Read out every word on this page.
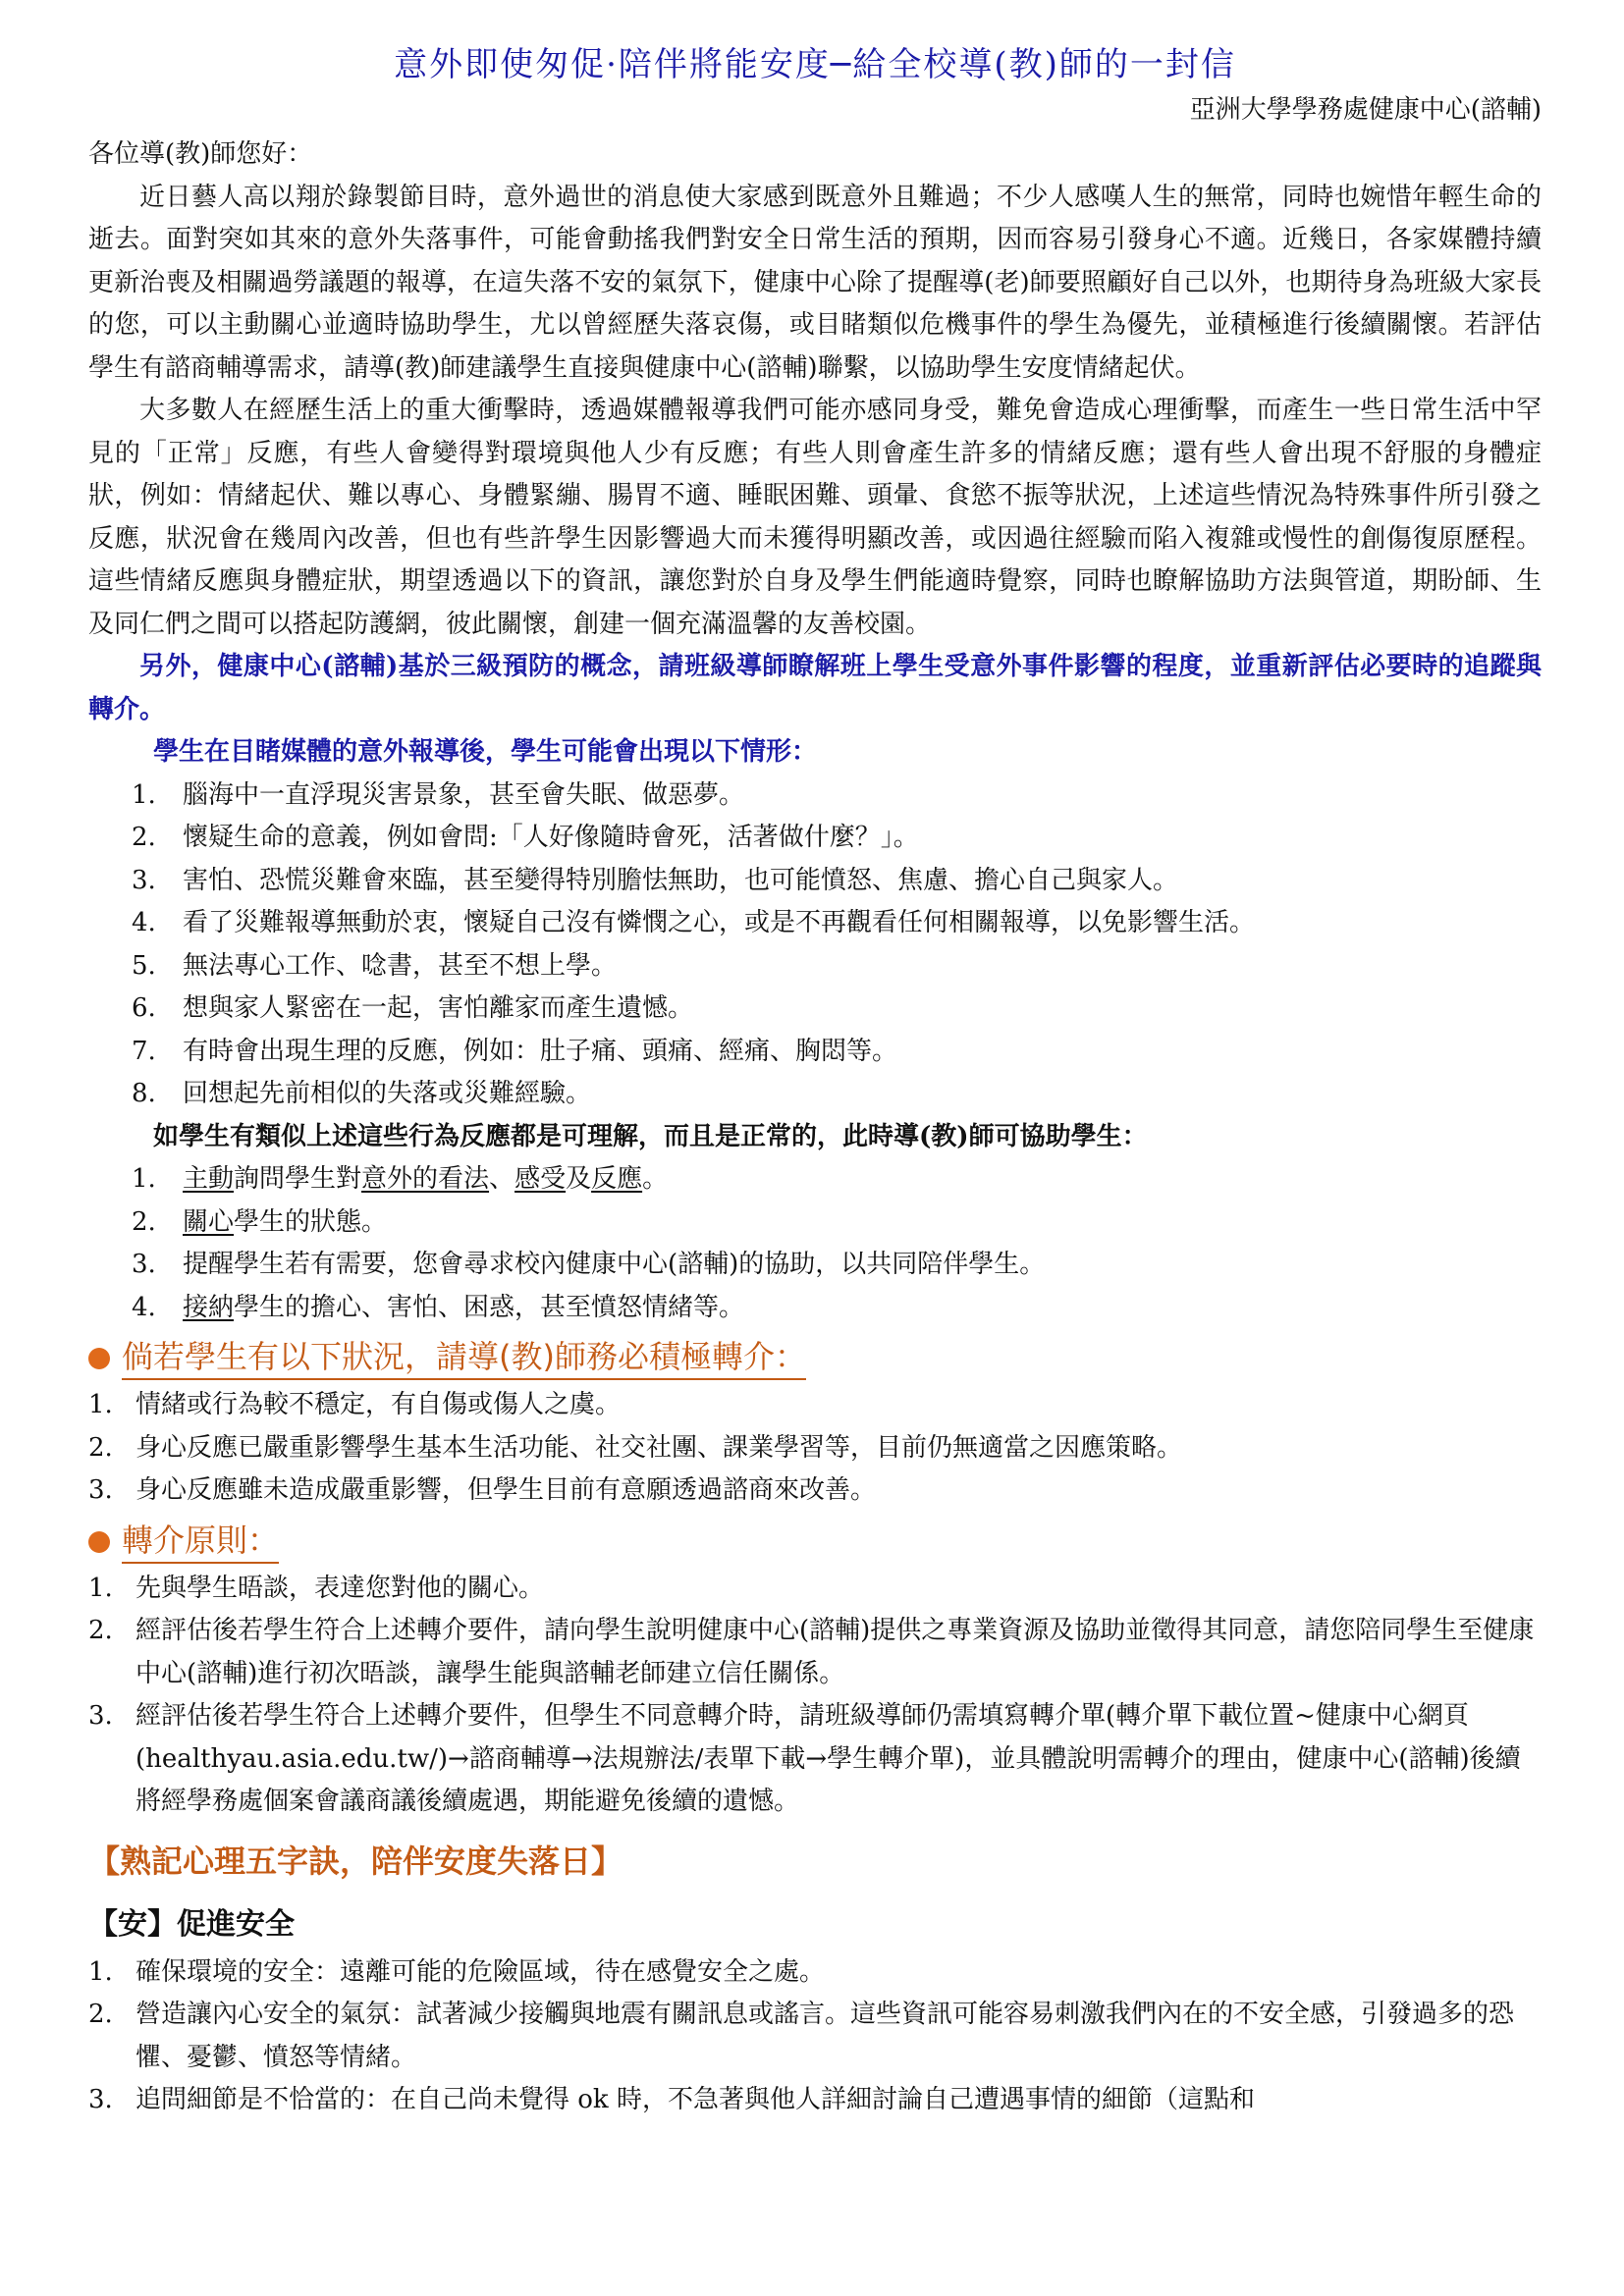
意外即使匆促·陪伴將能安度─給全校導(教)師的一封信

亞洲大學學務處健康中心(諮輔)

各位導(教)師您好：

近日藝人高以翔於錄製節目時，意外過世的消息使大家感到既意外且難過；不少人感嘆人生的無常，同時也婉惜年輕生命的逝去。面對突如其來的意外失落事件，可能會動搖我們對安全日常生活的預期，因而容易引發身心不適。近幾日，各家媒體持續更新治喪及相關過勞議題的報導，在這失落不安的氣氛下，健康中心除了提醒導(老)師要照顧好自己以外，也期待身為班級大家長的您，可以主動關心並適時協助學生，尤以曾經歷失落哀傷，或目睹類似危機事件的學生為優先，並積極進行後續關懷。若評估學生有諮商輔導需求，請導(教)師建議學生直接與健康中心(諮輔)聯繫，以協助學生安度情緒起伏。

大多數人在經歷生活上的重大衝擊時，透過媒體報導我們可能亦感同身受，難免會造成心理衝擊，而產生一些日常生活中罕見的「正常」反應，有些人會變得對環境與他人少有反應；有些人則會產生許多的情緒反應；還有些人會出現不舒服的身體症狀，例如：情緒起伏、難以專心、身體緊繃、腸胃不適、睡眠困難、頭暈、食慾不振等狀況，上述這些情況為特殊事件所引發之反應，狀況會在幾周內改善，但也有些許學生因影響過大而未獲得明顯改善，或因過往經驗而陷入複雜或慢性的創傷復原歷程。這些情緒反應與身體症狀，期望透過以下的資訊，讓您對於自身及學生們能適時覺察，同時也瞭解協助方法與管道，期盼師、生及同仁們之間可以搭起防護網，彼此關懷，創建一個充滿溫馨的友善校園。

另外，健康中心(諮輔)基於三級預防的概念，請班級導師瞭解班上學生受意外事件影響的程度，並重新評估必要時的追蹤與轉介。

學生在目睹媒體的意外報導後，學生可能會出現以下情形：
1. 腦海中一直浮現災害景象，甚至會失眠、做惡夢。
2. 懷疑生命的意義，例如會問:「人好像隨時會死，活著做什麼？」。
3. 害怕、恐慌災難會來臨，甚至變得特別膽怯無助，也可能憤怒、焦慮、擔心自己與家人。
4. 看了災難報導無動於衷，懷疑自己沒有憐憫之心，或是不再觀看任何相關報導，以免影響生活。
5. 無法專心工作、唸書，甚至不想上學。
6. 想與家人緊密在一起，害怕離家而產生遺憾。
7. 有時會出現生理的反應，例如：肚子痛、頭痛、經痛、胸悶等。
8. 回想起先前相似的失落或災難經驗。
如學生有類似上述這些行為反應都是可理解，而且是正常的，此時導(教)師可協助學生：
1. 主動詢問學生對意外的看法、感受及反應。
2. 關心學生的狀態。
3. 提醒學生若有需要，您會尋求校內健康中心(諮輔)的協助，以共同陪伴學生。
4. 接納學生的擔心、害怕、困惑，甚至憤怒情緒等。
倘若學生有以下狀況，請導(教)師務必積極轉介：
1. 情緒或行為較不穩定，有自傷或傷人之虞。
2. 身心反應已嚴重影響學生基本生活功能、社交社團、課業學習等，目前仍無適當之因應策略。
3. 身心反應雖未造成嚴重影響，但學生目前有意願透過諮商來改善。
轉介原則：
1. 先與學生晤談，表達您對他的關心。
2. 經評估後若學生符合上述轉介要件，請向學生說明健康中心(諮輔)提供之專業資源及協助並徵得其同意，請您陪同學生至健康中心(諮輔)進行初次晤談，讓學生能與諮輔老師建立信任關係。
3. 經評估後若學生符合上述轉介要件，但學生不同意轉介時，請班級導師仍需填寫轉介單(轉介單下載位置~健康中心網頁(healthyau.asia.edu.tw/)→諮商輔導→法規辦法/表單下載→學生轉介單)，並具體說明需轉介的理由，健康中心(諮輔)後續將經學務處個案會議商議後續處遇，期能避免後續的遺憾。
【熟記心理五字訣，陪伴安度失落日】
【安】促進安全
1. 確保環境的安全：遠離可能的危險區域，待在感覺安全之處。
2. 營造讓內心安全的氣氛：試著減少接觸與地震有關訊息或謠言。這些資訊可能容易刺激我們內在的不安全感，引發過多的恐懼、憂鬱、憤怒等情緒。
3. 追問細節是不恰當的：在自己尚未覺得 ok 時，不急著與他人詳細討論自己遭遇事情的細節（這點和
